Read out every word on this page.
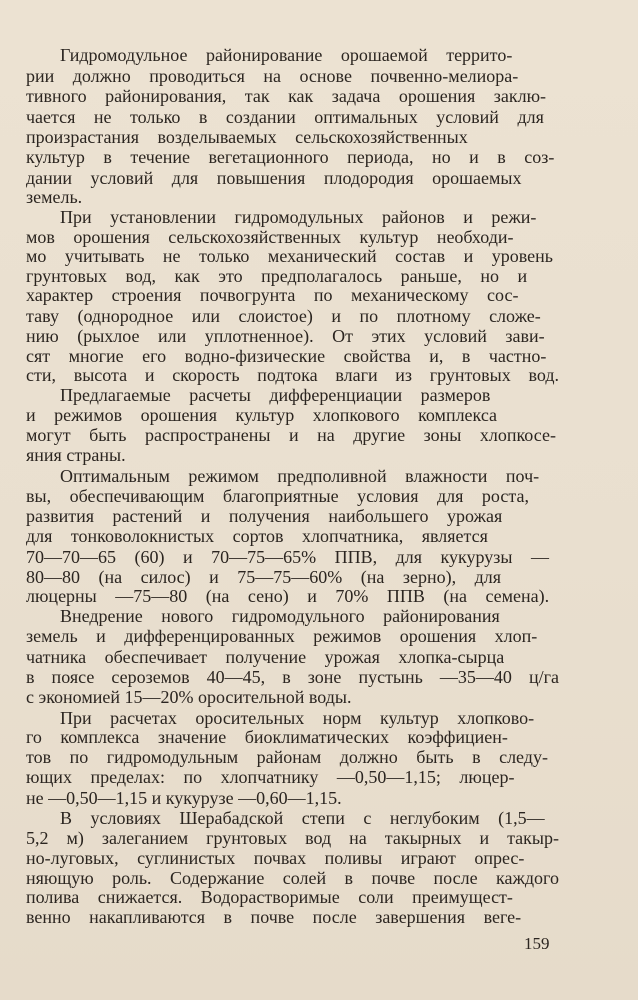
Гидромодульное районирование орошаемой террито-
рии должно проводиться на основе почвенно-мелиора-
тивного районирования, так как задача орошения заклю-
чается не только в создании оптимальных условий для
произрастания возделываемых сельскохозяйственных
культур в течение вегетационного периода, но и в соз-
дании условий для повышения плодородия орошаемых
земель.
При установлении гидромодульных районов и режи-
мов орошения сельскохозяйственных культур необходи-
мо учитывать не только механический состав и уровень
грунтовых вод, как это предполагалось раньше, но и
характер строения почвогрунта по механическому сос-
таву (однородное или слоистое) и по плотному сложе-
нию (рыхлое или уплотненное). От этих условий зави-
сят многие его водно-физические свойства и, в частно-
сти, высота и скорость подтока влаги из грунтовых вод.
Предлагаемые расчеты дифференциации размеров
и режимов орошения культур хлопкового комплекса
могут быть распространены и на другие зоны хлопкосе-
яния страны.
Оптимальным режимом предполивной влажности поч-
вы, обеспечивающим благоприятные условия для роста,
развития растений и получения наибольшего урожая
для тонковолокнистых сортов хлопчатника, является
70—70—65 (60) и 70—75—65% ППВ, для кукурузы —
80—80 (на силос) и 75—75—60% (на зерно), для
люцерны —75—80 (на сено) и 70% ППВ (на семена).
Внедрение нового гидромодульного районирования
земель и дифференцированных режимов орошения хлоп-
чатника обеспечивает получение урожая хлопка-сырца
в поясе сероземов 40—45, в зоне пустынь —35—40 ц/га
с экономией 15—20% оросительной воды.
При расчетах оросительных норм культур хлопково-
го комплекса значение биоклиматических коэффициен-
тов по гидромодульным районам должно быть в следу-
ющих пределах: по хлопчатнику —0,50—1,15; люцер-
не —0,50—1,15 и кукурузе —0,60—1,15.
В условиях Шерабадской степи с неглубоким (1,5—
5,2 м) залеганием грунтовых вод на такырных и такыр-
но-луговых, суглинистых почвах поливы играют опрес-
няющую роль. Содержание солей в почве после каждого
полива снижается. Водорастворимые соли преимущест-
венно накапливаются в почве после завершения веге-
159
